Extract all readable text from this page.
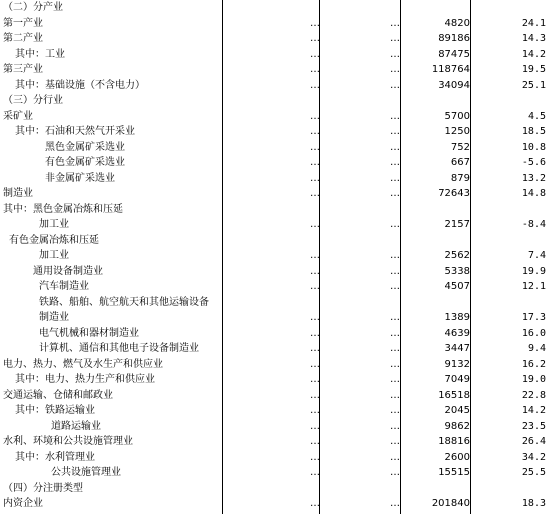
（二）分产业
第一产业	…	…	4820	24.1
第二产业	…	…	89186	14.3
其中：工业	…	…	87475	14.2
第三产业	…	…	118764	19.5
其中：基础设施（不含电力）	…	…	34094	25.1
（三）分行业
采矿业	…	…	5700	4.5
其中：石油和天然气开采业	…	…	1250	18.5
黑色金属矿采选业	…	…	752	10.8
有色金属矿采选业	…	…	667	-5.6
非金属矿采选业	…	…	879	13.2
制造业	…	…	72643	14.8
其中：黑色金属冶炼和压延
加工业	…	…	2157	-8.4
有色金属冶炼和压延
加工业	…	…	2562	7.4
通用设备制造业	…	…	5338	19.9
汽车制造业	…	…	4507	12.1
铁路、船舶、航空航天和其他运输设备
制造业	…	…	1389	17.3
电气机械和器材制造业	…	…	4639	16.0
计算机、通信和其他电子设备制造业	…	…	3447	9.4
电力、热力、燃气及水生产和供应业	…	…	9132	16.2
其中：电力、热力生产和供应业	…	…	7049	19.0
交通运输、仓储和邮政业	…	…	16518	22.8
其中：铁路运输业	…	…	2045	14.2
道路运输业	…	…	9862	23.5
水利、环境和公共设施管理业	…	…	18816	26.4
其中：水利管理业	…	…	2600	34.2
公共设施管理业	…	…	15515	25.5
（四）分注册类型
内资企业	…	…	201840	18.3
